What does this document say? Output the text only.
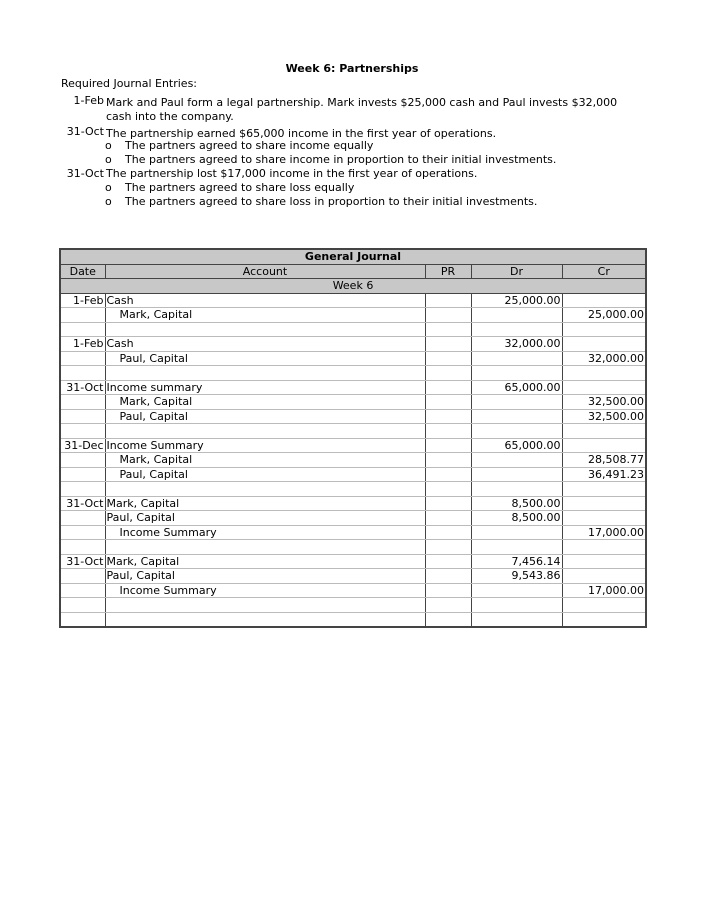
Week 6: Partnerships
Required Journal Entries:
1-Feb Mark and Paul form a legal partnership. Mark invests $25,000 cash and Paul invests $32,000
cash into the company.
31-Oct The partnership earned $65,000 income in the first year of operations.
o The partners agreed to share income equally
o The partners agreed to share income in proportion to their initial investments.
31-Oct The partnership lost $17,000 income in the first year of operations.
o The partners agreed to share loss equally
o The partners agreed to share loss in proportion to their initial investments.
General Journal				
Date	Account	PR	Dr	Cr
Week 6				
1-Feb	Cash		25,000.00	
	Mark, Capital			25,000.00

1-Feb	Cash		32,000.00	
	Paul, Capital			32,000.00

31-Oct	Income summary		65,000.00	
	Mark, Capital			32,500.00
	Paul, Capital			32,500.00

31-Dec	Income Summary		65,000.00	
	Mark, Capital			28,508.77
	Paul, Capital			36,491.23

31-Oct	Mark, Capital		8,500.00	
	Paul, Capital		8,500.00	
	Income Summary			17,000.00

31-Oct	Mark, Capital		7,456.14	
	Paul, Capital		9,543.86	
	Income Summary			17,000.00
